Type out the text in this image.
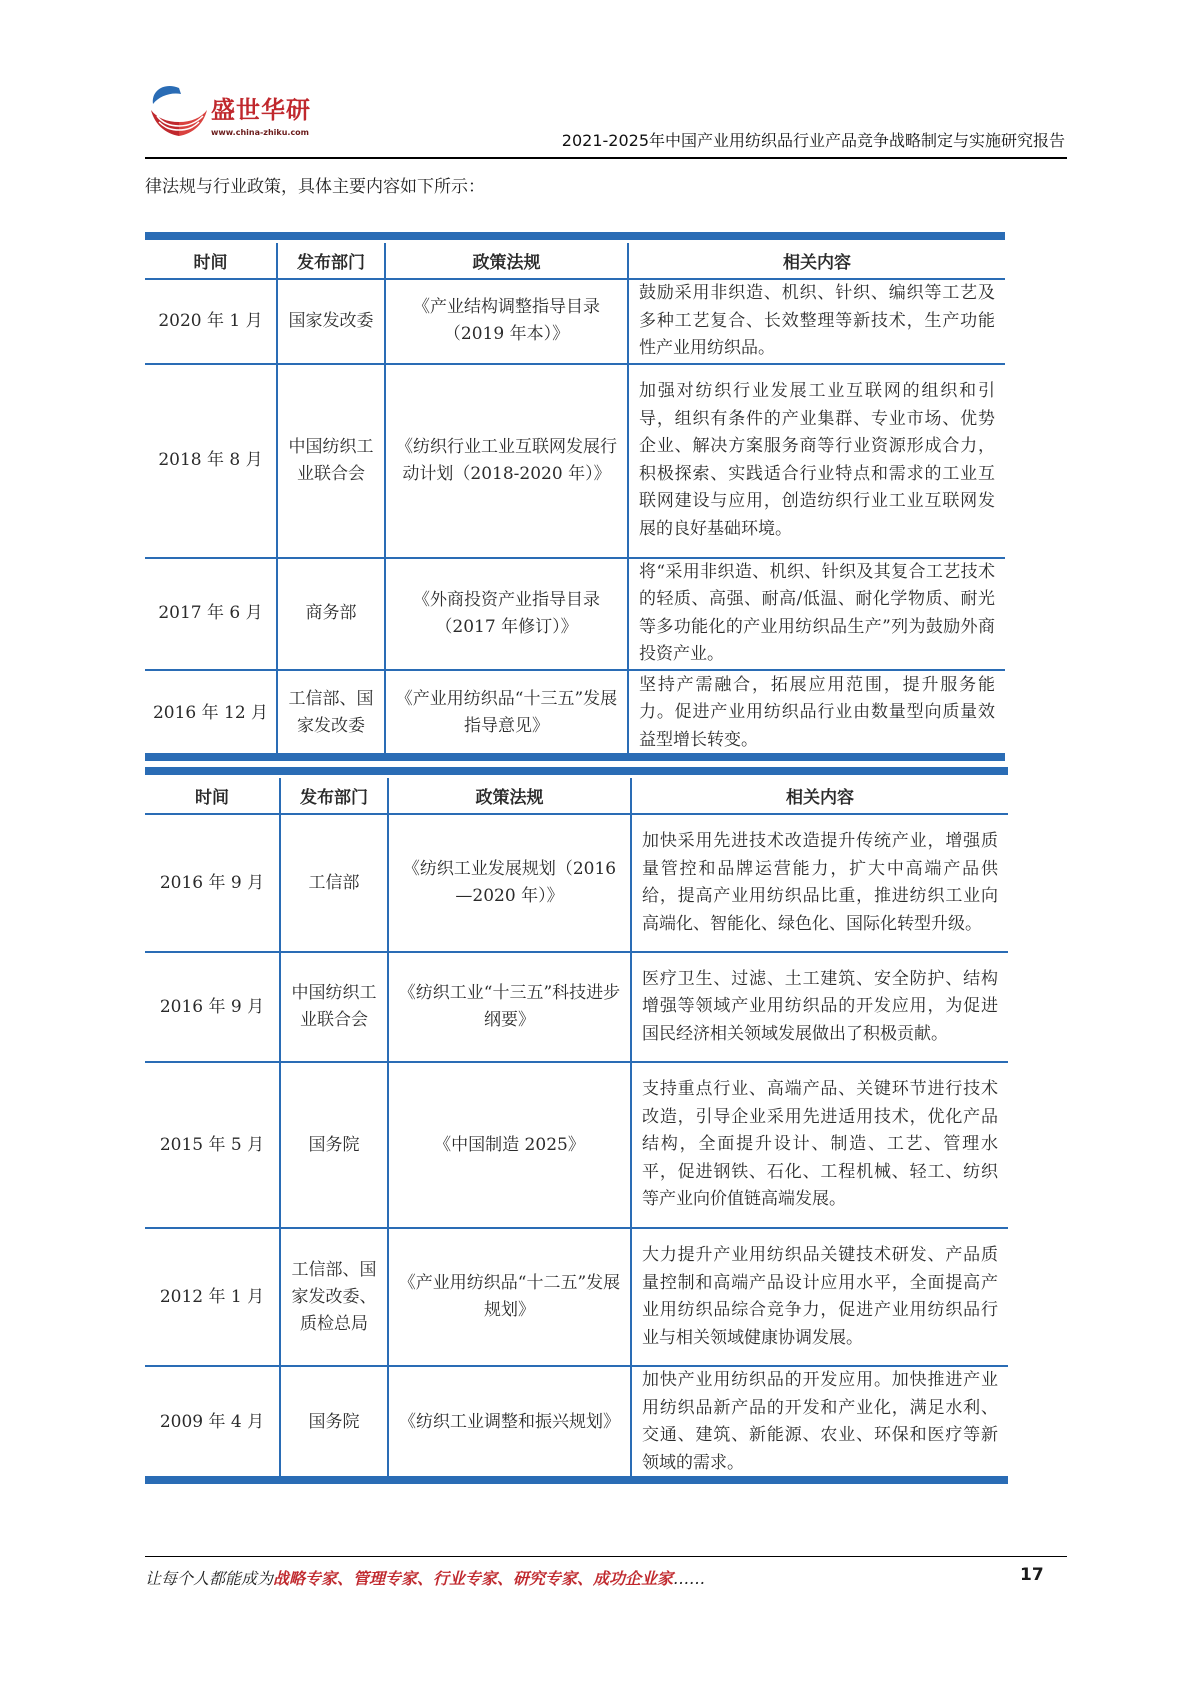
盛世华研
www.china-zhiku.com	2021-2025年中国产业用纺织品行业产品竞争战略制定与实施研究报告
律法规与行业政策，具体主要内容如下所示：
时间	发布部门	政策法规	相关内容
2020 年 1 月	国家发改委	《产业结构调整指导目录（2019 年本）》	鼓励采用非织造、机织、针织、编织等工艺及多种工艺复合、长效整理等新技术，生产功能性产业用纺织品。
2018 年 8 月	中国纺织工业联合会	《纺织行业工业互联网发展行动计划（2018-2020 年）》	加强对纺织行业发展工业互联网的组织和引导，组织有条件的产业集群、专业市场、优势企业、解决方案服务商等行业资源形成合力，积极探索、实践适合行业特点和需求的工业互联网建设与应用，创造纺织行业工业互联网发展的良好基础环境。
2017 年 6 月	商务部	《外商投资产业指导目录（2017 年修订）》	将“采用非织造、机织、针织及其复合工艺技术的轻质、高强、耐高/低温、耐化学物质、耐光等多功能化的产业用纺织品生产”列为鼓励外商投资产业。
2016 年 12 月	工信部、国家发改委	《产业用纺织品“十三五”发展指导意见》	坚持产需融合，拓展应用范围，提升服务能力。促进产业用纺织品行业由数量型向质量效益型增长转变。
时间	发布部门	政策法规	相关内容
2016 年 9 月	工信部	《纺织工业发展规划（2016—2020 年）》	加快采用先进技术改造提升传统产业，增强质量管控和品牌运营能力，扩大中高端产品供给，提高产业用纺织品比重，推进纺织工业向高端化、智能化、绿色化、国际化转型升级。
2016 年 9 月	中国纺织工业联合会	《纺织工业“十三五”科技进步纲要》	医疗卫生、过滤、土工建筑、安全防护、结构增强等领域产业用纺织品的开发应用，为促进国民经济相关领域发展做出了积极贡献。
2015 年 5 月	国务院	《中国制造 2025》	支持重点行业、高端产品、关键环节进行技术改造，引导企业采用先进适用技术，优化产品结构，全面提升设计、制造、工艺、管理水平，促进钢铁、石化、工程机械、轻工、纺织等产业向价值链高端发展。
2012 年 1 月	工信部、国家发改委、质检总局	《产业用纺织品“十二五”发展规划》	大力提升产业用纺织品关键技术研发、产品质量控制和高端产品设计应用水平，全面提高产业用纺织品综合竞争力，促进产业用纺织品行业与相关领域健康协调发展。
2009 年 4 月	国务院	《纺织工业调整和振兴规划》	加快产业用纺织品的开发应用。加快推进产业用纺织品新产品的开发和产业化，满足水利、交通、建筑、新能源、农业、环保和医疗等新领域的需求。
让每个人都能成为战略专家、管理专家、行业专家、研究专家、成功企业家……	17
